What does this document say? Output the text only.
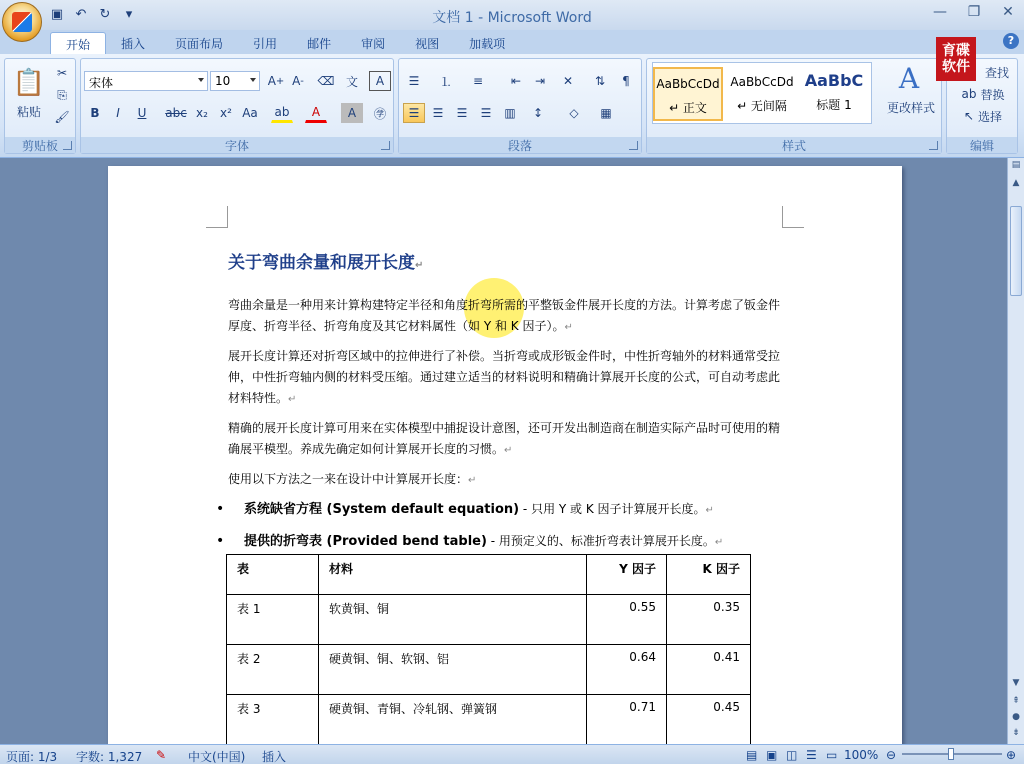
▣ ↶ ↻	▾	文档 1 - Microsoft Word	— ❐ ✕
开始	插入	页面布局	引用	邮件	审阅	视图	加载项	?
📋
粘贴
✂
⎘
🖌
剪贴板
宋体	10	A + A - ⌫ 文	A
B	I	U	abc x₂	x² Aa ab	A	A	㊫
字体
☰	⒈	≡	⇤	⇥	✕	⇅	¶
☰	☰	☰	☰	▥	↕	◇	▦
段落	样式
A
更改样式
AaBbCcDd
↵ 正文
AaBbCcDd
↵ 无间隔
AaBbC
标题 1
查找
ab 替换
↖ 选择
编辑
育碟
软件
关于弯曲余量和展开长度↵
弯曲余量是一种用来计算构建特定半径和角度折弯所需的平整钣金件展开长度的方法。计算考虑了钣金件厚度、折弯半径、折弯角度及其它材料属性（如 Y 和 K 因子）。↵
展开长度计算还对折弯区域中的拉伸进行了补偿。当折弯或成形钣金件时，中性折弯轴外的材料通常受拉伸，中性折弯轴内侧的材料受压缩。通过建立适当的材料说明和精确计算展开长度的公式，可自动考虑此材料特性。↵
精确的展开长度计算可用来在实体模型中捕捉设计意图，还可开发出制造商在制造实际产品时可使用的精确展平模型。养成先确定如何计算展开长度的习惯。↵
使用以下方法之一来在设计中计算展开长度：↵
• 系统缺省方程 (System default equation) - 只用 Y 或 K 因子计算展开长度。↵
• 提供的折弯表 (Provided bend table) - 用预定义的、标准折弯表计算展开长度。↵
表	材料	Y 因子	K 因子
表 1	软黄铜、铜	0.55	0.35
表 2	硬黄铜、铜、软钢、铝	0.64	0.41
表 3	硬黄铜、青铜、冷轧钢、弹簧钢	0.71	0.45
▤
▲
▼
⇞
●
⇟
页面: 1/3 字数: 1,327 ✎ 中文(中国) 插入	▤ ▣ ◫ ☰ ▭ 100% ⊖	⊕
